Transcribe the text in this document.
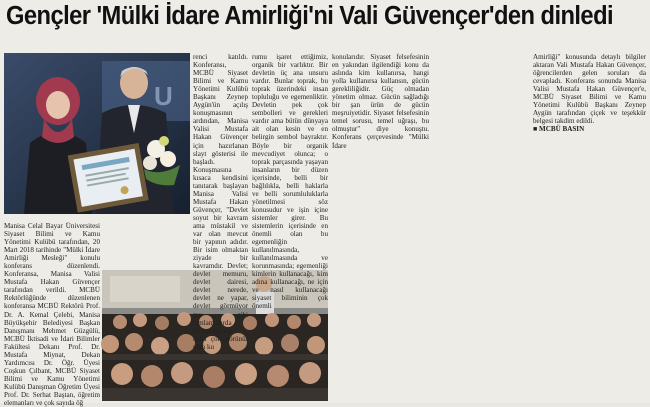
Gençler 'Mülki İdare Amirliği'ni Vali Güvençer'den dinledi
U

renci katıldı. Konferansı, MCBÜ Siyaset Bilimi ve Kamu Yönetimi Kulübü Başkanı Zeynep Aygün'ün açılış konuşmasının ardından, Manisa Valisi Mustafa Hakan Güvençer için hazırlanan slayt gösterisi ile başladı. Konuşmasına kısaca kendisini tanıtarak başlayan Manisa Valisi Mustafa Hakan Güvençer, "Devlet soyut bir kavram ama müstakil ve var olan mevcut bir yapının adıdır. Bir isim olmaktan ziyade bir kavramdır. Devlet; devlet memuru, devlet dairesi, devlet nerede, devlet ne yapar, devlet görmüyor mu gibi tamlamalarda kullandığımız, daha çok görünür olan ku

Manisa Celal Bayar Üniversitesi Siyaset Bilimi ve Kamu Yönetimi Kulübü tarafından, 20 Mart 2018 tarihinde "Mülki İdare Amirliği Mesleği" konulu konferans düzenlendi. Konferansa, Manisa Valisi Mustafa Hakan Güvençer tarafından verildi. MCBÜ Rektörlüğünde düzenlenen konferansa MCBÜ Rektörü Prof. Dr. A. Kemal Çelebi, Manisa Büyükşehir Belediyesi Başkan Danışmanı Mehmet Güzgülü, MCBÜ İktisadi ve İdari Bilimler Fakültesi Dekanı Prof. Dr. Mustafa Miynat, Dekan Yardımcısı Dr. Öğr. Üyesi Coşkun Çılbant, MCBÜ Siyaset Bilimi ve Kamu Yönetimi Kulübü Danışman Öğretim Üyesi Prof. Dr. Serhat Baştan, öğretim elemanları ve çok sayıda öğ

rumu işaret ettiğimiz, organik bir varlıktır. Bir devletin üç ana unsuru vardır. Bunlar toprak, bu toprak üzerindeki insan topluluğu ve egemenliktir. Devletin pek çok sembolleri ve gerekleri vardır ama bütün dünyaya ait olan kesin ve en belirgin sembol bayraktır. Böyle bir organik mevcudiyet olunca; o toprak parçasında yaşayan insanların bir düzen içerisinde, belli bir bağlılıkla, belli haklarla ve belli sorumluluklarla yönetilmesi söz konusudur ve işin içine sistemler girer. Bu sistemlerin içerisinde en önemli olan bu egemenliğin kullanılmasında, kullanılmasında ve korunmasında; egemenliği kimlerin kullanacağı, kim adına kullanacağı, ne için ve nasıl kullanacağı siyaset biliminin çok önemli

konularıdır. Siyaset felsefesinin en yakından ilgilendiği konu da aslında kim kullanırsa, hangi yolla kullanırsa kullansın, gücün gerekliliğidir. Güç olmadan yönetim olmaz. Gücün sağladığı bir şan ürün de gücün meşruiyetidir. Siyaset felsefesinin temel sorusu, temel uğraşı, bu olmuştur" diye konuştu. Konferans çerçevesinde "Mülki İdare

Amirliği" konusunda detaylı bilgiler aktaran Vali Mustafa Hakan Güvençer, öğrencilerden gelen soruları da cevapladı. Konferans sonunda Manisa Valisi Mustafa Hakan Güvençer'e, MCBÜ Siyaset Bilimi ve Kamu Yönetimi Kulübü Başkanı Zeynep Aygün tarafından çiçek ve teşekkür belgesi takdim edildi.

■ MCBÜ BASIN
